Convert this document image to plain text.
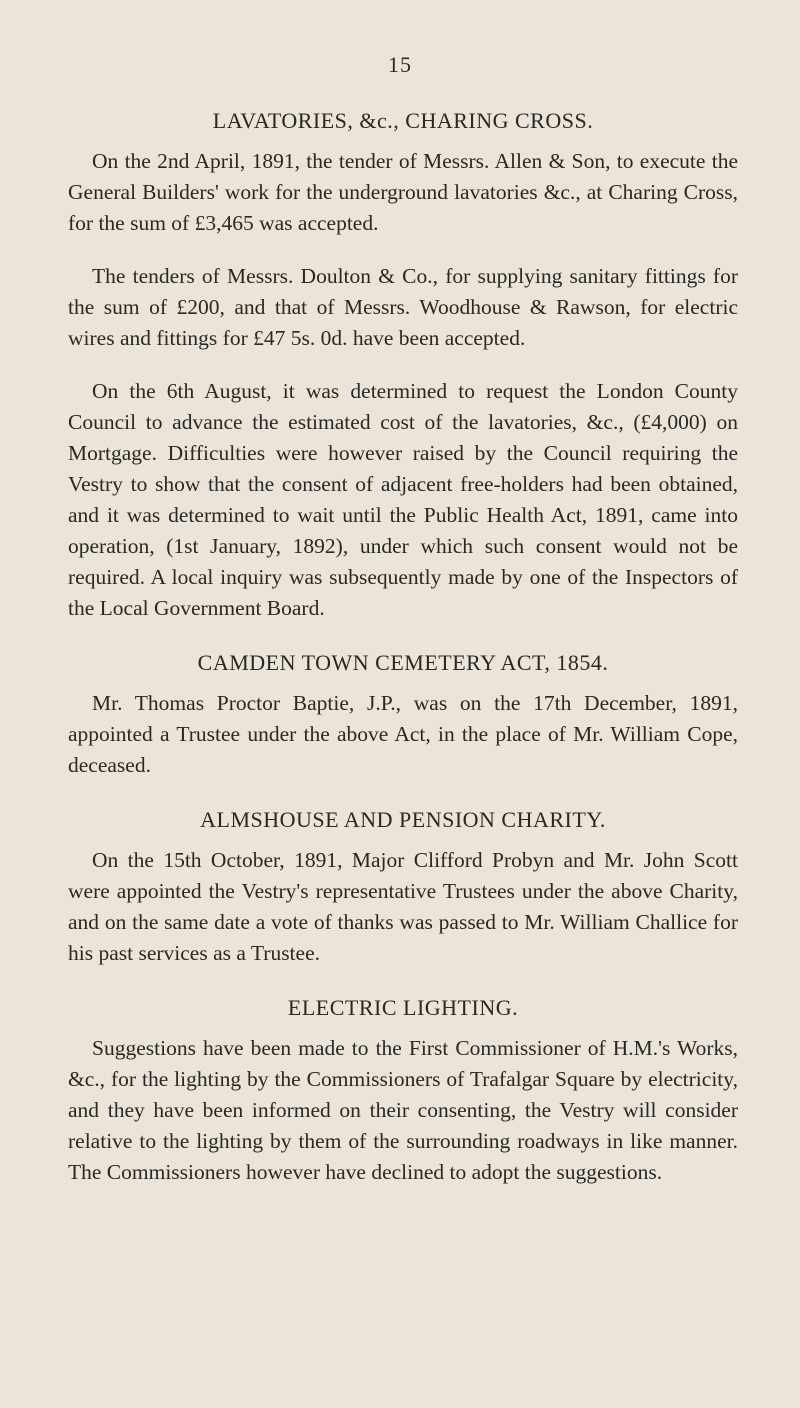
15
LAVATORIES, &c., CHARING CROSS.

On the 2nd April, 1891, the tender of Messrs. Allen & Son, to execute the General Builders' work for the underground lavatories &c., at Charing Cross, for the sum of £3,465 was accepted.

The tenders of Messrs. Doulton & Co., for supplying sanitary fittings for the sum of £200, and that of Messrs. Woodhouse & Rawson, for electric wires and fittings for £47 5s. 0d. have been accepted.

On the 6th August, it was determined to request the London County Council to advance the estimated cost of the lavatories, &c., (£4,000) on Mortgage. Difficulties were however raised by the Council requiring the Vestry to show that the consent of adjacent free-holders had been obtained, and it was determined to wait until the Public Health Act, 1891, came into operation, (1st January, 1892), under which such consent would not be required. A local inquiry was subsequently made by one of the Inspectors of the Local Government Board.

CAMDEN TOWN CEMETERY ACT, 1854.

Mr. Thomas Proctor Baptie, J.P., was on the 17th December, 1891, appointed a Trustee under the above Act, in the place of Mr. William Cope, deceased.

ALMSHOUSE AND PENSION CHARITY.

On the 15th October, 1891, Major Clifford Probyn and Mr. John Scott were appointed the Vestry's representative Trustees under the above Charity, and on the same date a vote of thanks was passed to Mr. William Challice for his past services as a Trustee.

ELECTRIC LIGHTING.

Suggestions have been made to the First Commissioner of H.M.'s Works, &c., for the lighting by the Commissioners of Trafalgar Square by electricity, and they have been informed on their consenting, the Vestry will consider relative to the lighting by them of the surrounding roadways in like manner. The Commissioners however have declined to adopt the suggestions.
